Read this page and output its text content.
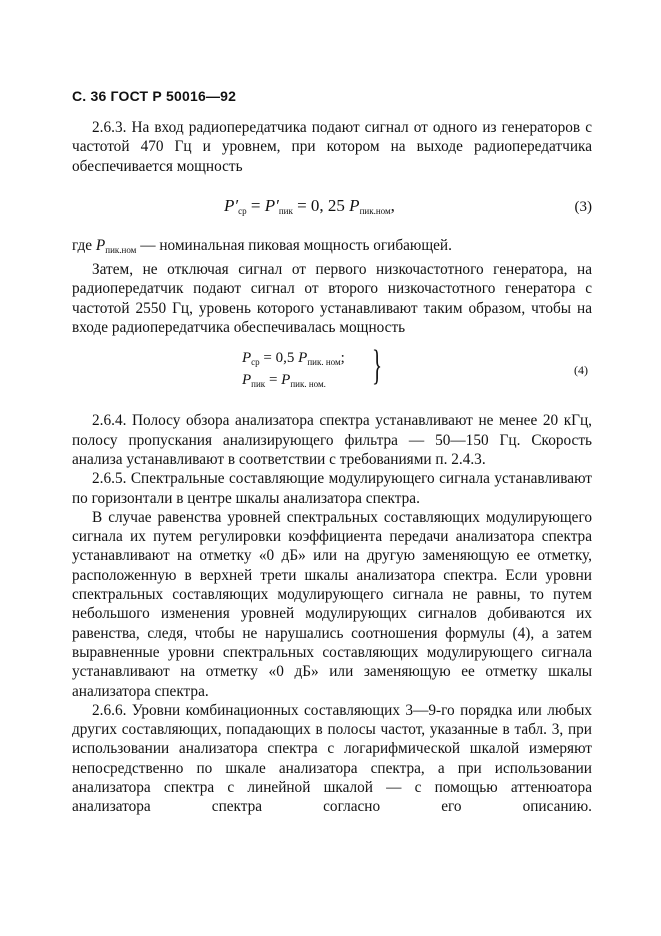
С. 36 ГОСТ Р 50016—92

2.6.3. На вход радиопередатчика подают сигнал от одного из генераторов с частотой 470 Гц и уровнем, при котором на выходе радиопередатчика обеспечивается мощность

$P'_{ср} = P'_{пик} = 0$, 25 $P_{пик.ном}$,	(3)

где $P_{пик.ном}$ — номинальная пиковая мощность огибающей.

Затем, не отключая сигнал от первого низкочастотного генератора, на радиопередатчик подают сигнал от второго низкочастотного генератора с частотой 2550 Гц, уровень которого устанавливают таким образом, чтобы на входе радиопередатчика обеспечивалась мощность

$P_{ср} = 0,5$ $P_{пик. ном}$;
$P_{пик} = P_{пик. ном.}$	}	(4)

2.6.4. Полосу обзора анализатора спектра устанавливают не менее 20 кГц, полосу пропускания анализирующего фильтра — 50—150 Гц. Скорость анализа устанавливают в соответствии с требованиями п. 2.4.3.

2.6.5. Спектральные составляющие модулирующего сигнала устанавливают по горизонтали в центре шкалы анализатора спектра.

В случае равенства уровней спектральных составляющих модулирующего сигнала их путем регулировки коэффициента передачи анализатора спектра устанавливают на отметку «0 дБ» или на другую заменяющую ее отметку, расположенную в верхней трети шкалы анализатора спектра. Если уровни спектральных составляющих модулирующего сигнала не равны, то путем небольшого изменения уровней модулирующих сигналов добиваются их равенства, следя, чтобы не нарушались соотношения формулы (4), а затем выравненные уровни спектральных составляющих модулирующего сигнала устанавливают на отметку «0 дБ» или заменяющую ее отметку шкалы анализатора спектра.

2.6.6. Уровни комбинационных составляющих 3—9-го порядка или любых других составляющих, попадающих в полосы частот, указанные в табл. 3, при использовании анализатора спектра с логарифмической шкалой измеряют непосредственно по шкале анализатора спектра, а при использовании анализатора спектра с линейной шкалой — с помощью аттенюатора анализатора спектра согласно его описанию.
